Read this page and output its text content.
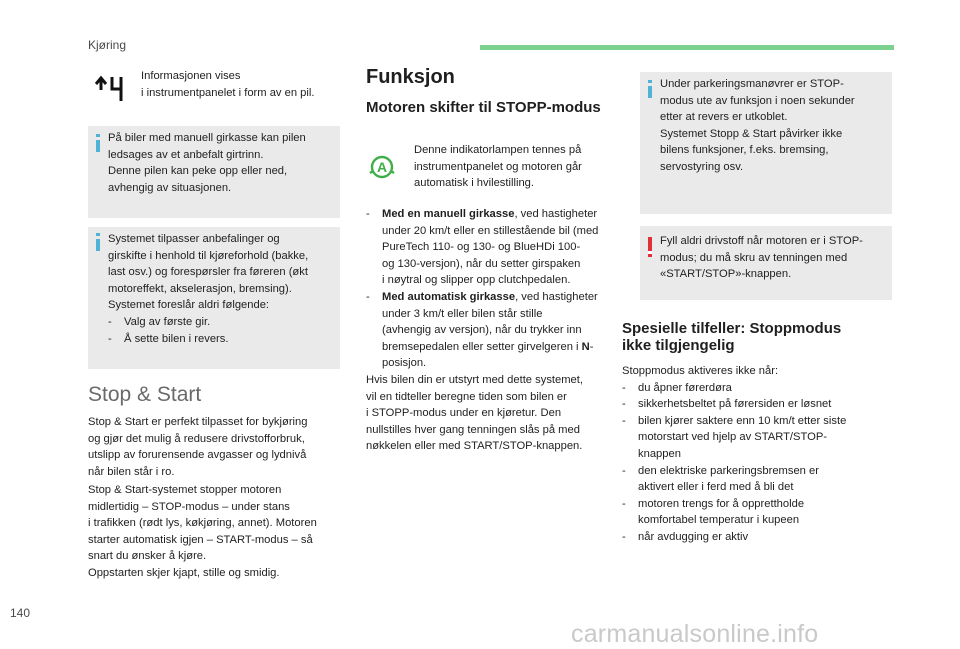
Kjøring
Informasjonen vises
i instrumentpanelet i form av en pil.
På biler med manuell girkasse kan pilen
ledsages av et anbefalt girtrinn.
Denne pilen kan peke opp eller ned,
avhengig av situasjonen.
Systemet tilpasser anbefalinger og
girskifte i henhold til kjøreforhold (bakke,
last osv.) og forespørsler fra føreren (økt
motoreffekt, akselerasjon, bremsing).
Systemet foreslår aldri følgende:
- Valg av første gir.
- Å sette bilen i revers.
Stop & Start
Stop & Start er perfekt tilpasset for bykjøring
og gjør det mulig å redusere drivstofforbruk,
utslipp av forurensende avgasser og lydnivå
når bilen står i ro.
Stop & Start-systemet stopper motoren
midlertidig – STOP-modus – under stans
i trafikken (rødt lys, køkjøring, annet). Motoren
starter automatisk igjen – START-modus – så
snart du ønsker å kjøre.
Oppstarten skjer kjapt, stille og smidig.
Funksjon
Motoren skifter til STOPP-modus
A
Denne indikatorlampen tennes på
instrumentpanelet og motoren går
automatisk i hvilestilling.
- Med en manuell girkasse, ved hastigheter
under 20 km/t eller en stillestående bil (med
PureTech 110- og 130- og BlueHDi 100-
og 130-versjon), når du setter girspaken
i nøytral og slipper opp clutchpedalen.
- Med automatisk girkasse, ved hastigheter
under 3 km/t eller bilen står stille
(avhengig av versjon), når du trykker inn
bremsepedalen eller setter girvelgeren i N-
posisjon.
Hvis bilen din er utstyrt med dette systemet,
vil en tidteller beregne tiden som bilen er
i STOPP-modus under en kjøretur. Den
nullstilles hver gang tenningen slås på med
nøkkelen eller med START/STOP-knappen.
Under parkeringsmanøvrer er STOP-
modus ute av funksjon i noen sekunder
etter at revers er utkoblet.
Systemet Stopp & Start påvirker ikke
bilens funksjoner, f.eks. bremsing,
servostyring osv.
Fyll aldri drivstoff når motoren er i STOP-
modus; du må skru av tenningen med
«START/STOP»-knappen.
Spesielle tilfeller: Stoppmodus
ikke tilgjengelig
Stoppmodus aktiveres ikke når:
- du åpner førerdøra
- sikkerhetsbeltet på førersiden er løsnet
- bilen kjører saktere enn 10 km/t etter siste
motorstart ved hjelp av START/STOP-
knappen
- den elektriske parkeringsbremsen er
aktivert eller i ferd med å bli det
- motoren trengs for å opprettholde
komfortabel temperatur i kupeen
- når avdugging er aktiv
140
carmanualsonline.info
